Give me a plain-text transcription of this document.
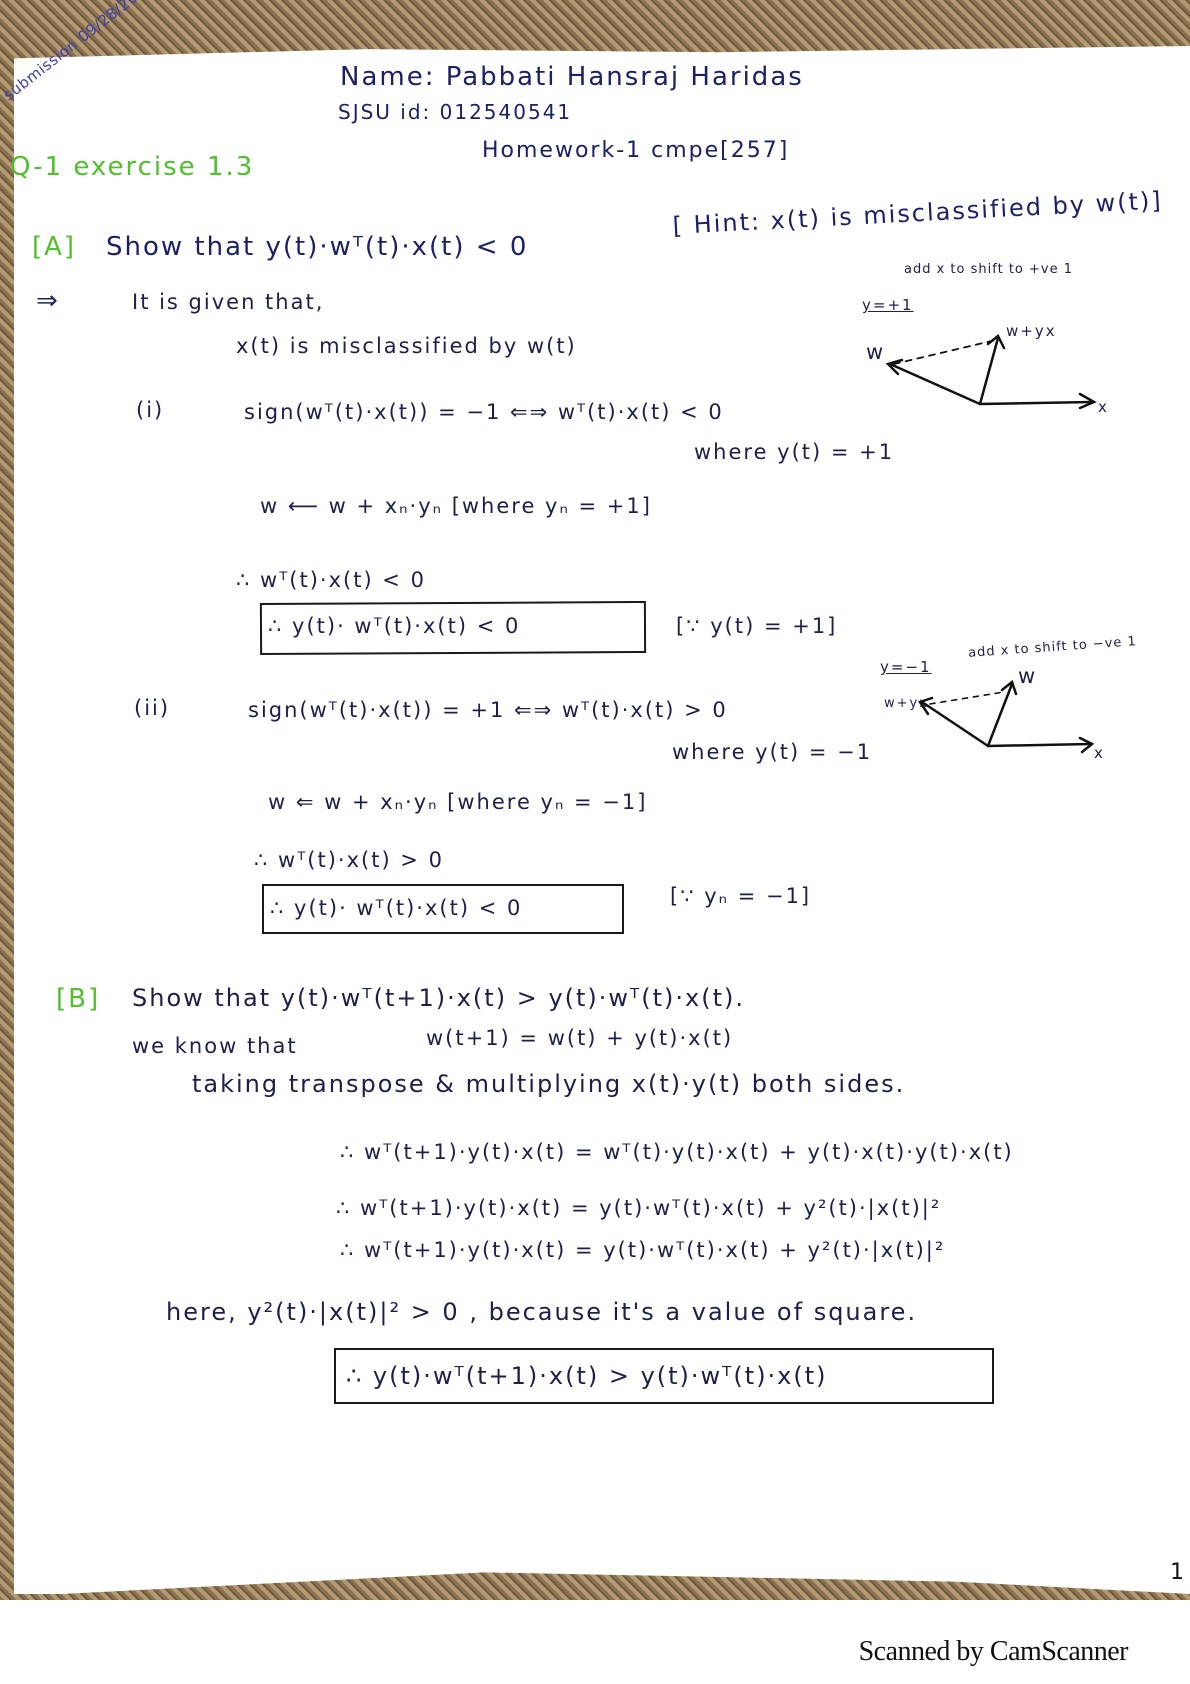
Name: Pabbati Hansraj Haridas
SJSU id: 012540541
Homework-1 cmpe[257]
Q-1 exercise 1.3
[A] Show that y(t)·wᵀ(t)·x(t) < 0
[ Hint: x(t) is misclassified by w(t)]
⇒	It is given that,
x(t) is misclassified by w(t)
add x to shift to +ve 1
y=+1
w
w+yx
x
(i)	sign(wᵀ(t)·x(t)) = −1 ⇐⇒ wᵀ(t)·x(t) < 0
where y(t) = +1
w ⟵ w + xₙ·yₙ [where yₙ = +1]
∴ wᵀ(t)·x(t) < 0
∴ y(t)· wᵀ(t)·x(t) < 0	[∵ y(t) = +1]
add x to shift to −ve 1
y=−1
w+yx
w
x
(ii)	sign(wᵀ(t)·x(t)) = +1 ⇐⇒ wᵀ(t)·x(t) > 0
where y(t) = −1
w ⇐ w + xₙ·yₙ [where yₙ = −1]
∴ wᵀ(t)·x(t) > 0
∴ y(t)· wᵀ(t)·x(t) < 0	[∵ yₙ = −1]
[B] Show that y(t)·wᵀ(t+1)·x(t) > y(t)·wᵀ(t)·x(t).
we know that	w(t+1) = w(t) + y(t)·x(t)
taking transpose & multiplying x(t)·y(t) both sides.
∴ wᵀ(t+1)·y(t)·x(t) = wᵀ(t)·y(t)·x(t) + y(t)·x(t)·y(t)·x(t)
∴ wᵀ(t+1)·y(t)·x(t) = y(t)·wᵀ(t)·x(t) + y²(t)·|x(t)|²
∴ wᵀ(t+1)·y(t)·x(t) = y(t)·wᵀ(t)·x(t) + y²(t)·|x(t)|²
here, y²(t)·|x(t)|² > 0 , because it's a value of square.
∴ y(t)·wᵀ(t+1)·x(t) > y(t)·wᵀ(t)·x(t)
1
Scanned by CamScanner
